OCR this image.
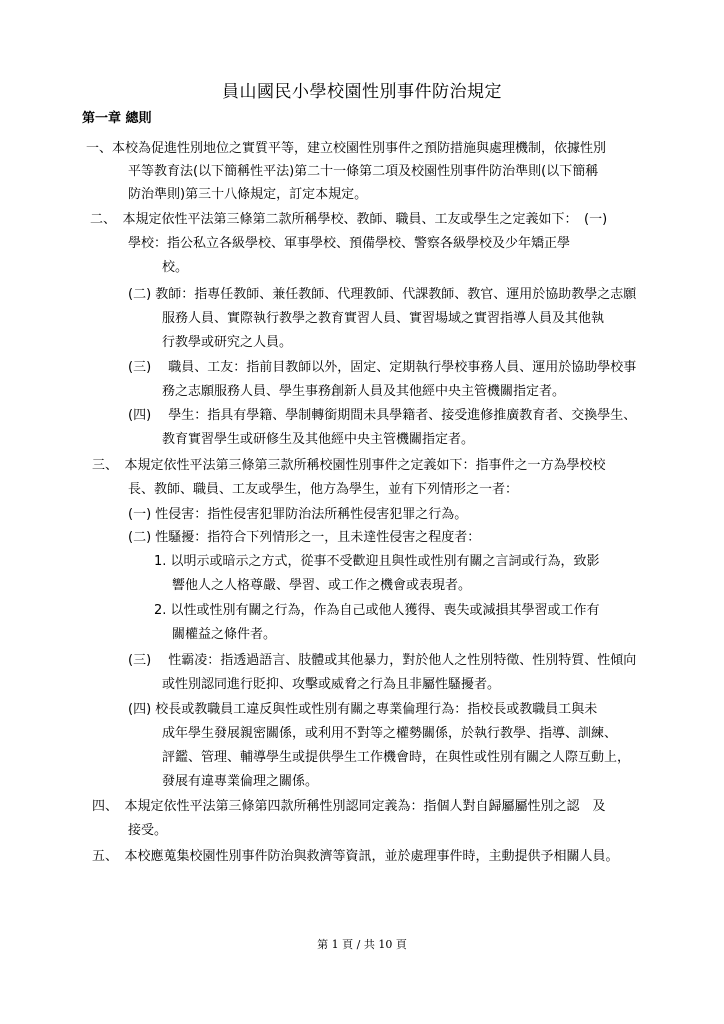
員山國民小學校園性別事件防治規定
第一章 總則
一、本校為促進性別地位之實質平等，建立校園性別事件之預防措施與處理機制，依據性別
平等教育法(以下簡稱性平法)第二十一條第二項及校園性別事件防治準則(以下簡稱
防治準則)第三十八條規定，訂定本規定。
二、　本規定依性平法第三條第二款所稱學校、教師、職員、工友或學生之定義如下：　(一)
學校：指公私立各級學校、軍事學校、預備學校、警察各級學校及少年矯正學
校。
(二) 教師：指專任教師、兼任教師、代理教師、代課教師、教官、運用於協助教學之志願
服務人員、實際執行教學之教育實習人員、實習場域之實習指導人員及其他執
行教學或研究之人員。
(三)　 職員、工友：指前目教師以外，固定、定期執行學校事務人員、運用於協助學校事
務之志願服務人員、學生事務創新人員及其他經中央主管機關指定者。
(四)　 學生：指具有學籍、學制轉銜期間未具學籍者、接受進修推廣教育者、交換學生、
教育實習學生或研修生及其他經中央主管機關指定者。
三、　本規定依性平法第三條第三款所稱校園性別事件之定義如下：指事件之一方為學校校
長、教師、職員、工友或學生，他方為學生，並有下列情形之一者：
(一) 性侵害：指性侵害犯罪防治法所稱性侵害犯罪之行為。
(二) 性騷擾：指符合下列情形之一，且未達性侵害之程度者：
1. 以明示或暗示之方式，從事不受歡迎且與性或性別有關之言詞或行為，致影
響他人之人格尊嚴、學習、或工作之機會或表現者。
2. 以性或性別有關之行為，作為自己或他人獲得、喪失或減損其學習或工作有
關權益之條件者。
(三)　 性霸凌：指透過語言、肢體或其他暴力，對於他人之性別特徵、性別特質、性傾向
或性別認同進行貶抑、攻擊或威脅之行為且非屬性騷擾者。
(四) 校長或教職員工違反與性或性別有關之專業倫理行為：指校長或教職員工與未
成年學生發展親密關係，或利用不對等之權勢關係，於執行教學、指導、訓練、
評鑑、管理、輔導學生或提供學生工作機會時，在與性或性別有關之人際互動上，
發展有違專業倫理之關係。
四、　本規定依性平法第三條第四款所稱性別認同定義為：指個人對自歸屬屬性別之認　及
接受。
五、　本校應蒐集校園性別事件防治與救濟等資訊，並於處理事件時，主動提供予相關人員。
第 1 頁 / 共 10 頁
